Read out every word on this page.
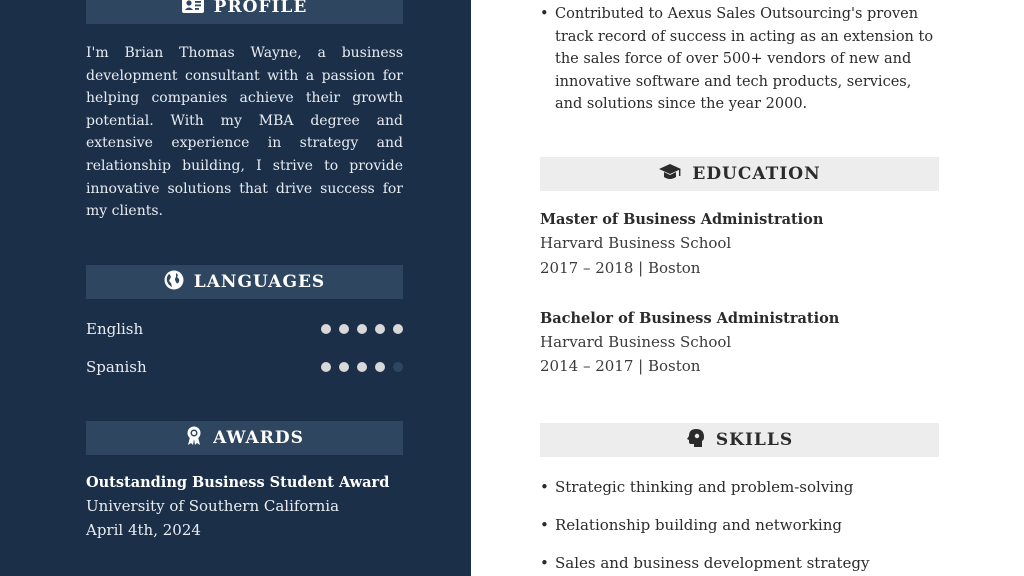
PROFILE
I'm Brian Thomas Wayne, a business development consultant with a passion for helping companies achieve their growth potential. With my MBA degree and extensive experience in strategy and relationship building, I strive to provide innovative solutions that drive success for my clients.
LANGUAGES
English
Spanish
AWARDS
Outstanding Business Student Award
University of Southern California
April 4th, 2024
• Contributed to Aexus Sales Outsourcing's proven track record of success in acting as an extension to the sales force of over 500+ vendors of new and innovative software and tech products, services, and solutions since the year 2000.
EDUCATION
Master of Business Administration
Harvard Business School
2017 – 2018 | Boston
Bachelor of Business Administration
Harvard Business School
2014 – 2017 | Boston
SKILLS
• Strategic thinking and problem-solving
• Relationship building and networking
• Sales and business development strategy
